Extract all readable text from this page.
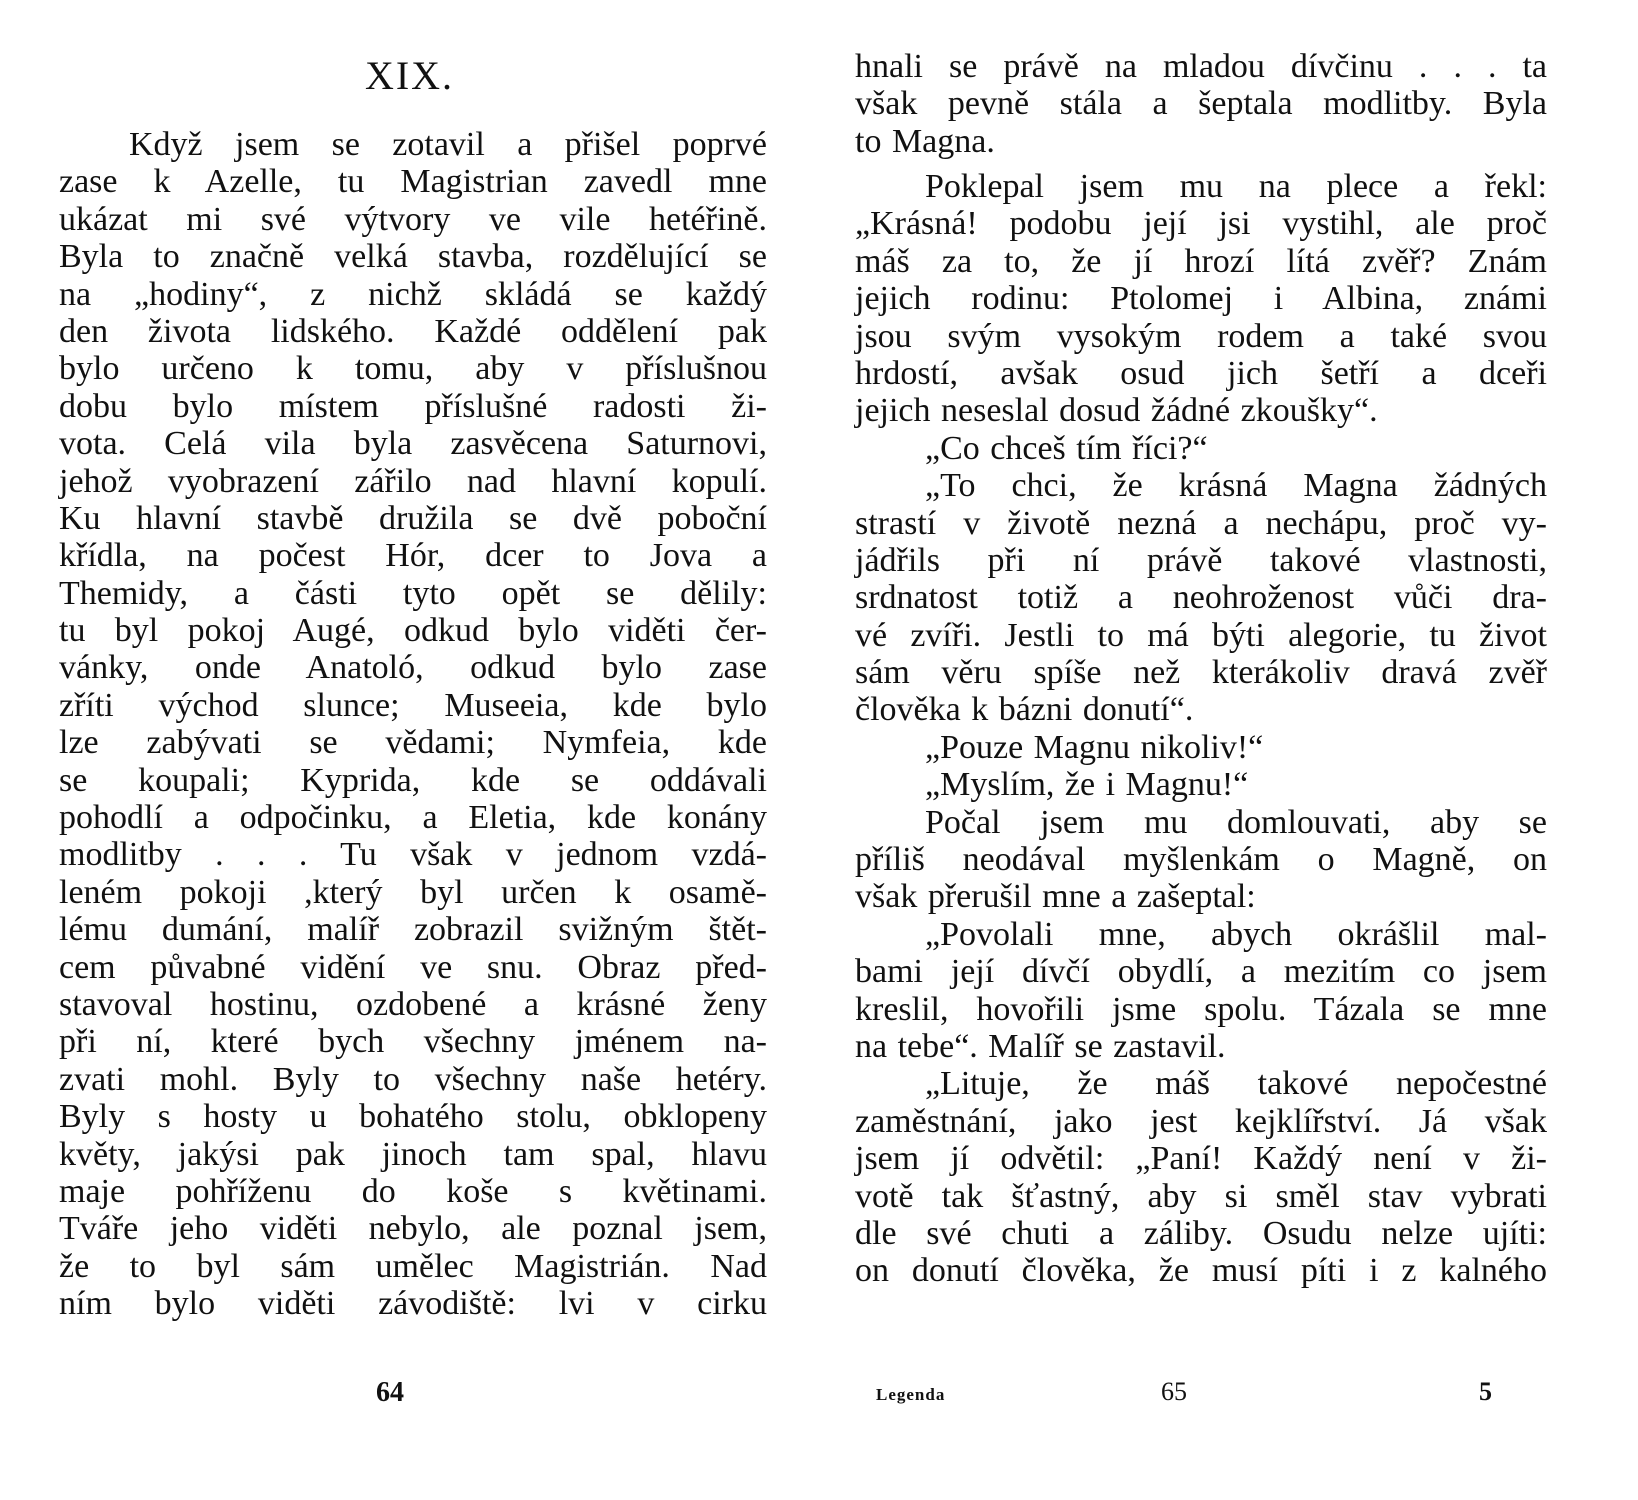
XIX.
Když jsem se zotavil a přišel poprvé
zase k Azelle, tu Magistrian zavedl mne
ukázat mi své výtvory ve vile hetéřině.
Byla to značně velká stavba, rozdělující se
na „hodiny“, z nichž skládá se každý
den života lidského. Každé oddělení pak
bylo určeno k tomu, aby v příslušnou
dobu bylo místem příslušné radosti ži-
vota. Celá vila byla zasvěcena Saturnovi,
jehož vyobrazení zářilo nad hlavní kopulí.
Ku hlavní stavbě družila se dvě poboční
křídla, na počest Hór, dcer to Jova a
Themidy, a části tyto opět se dělily:
tu byl pokoj Augé, odkud bylo viděti čer-
vánky, onde Anatoló, odkud bylo zase
zříti východ slunce; Museeia, kde bylo
lze zabývati se vědami; Nymfeia, kde
se koupali; Kyprida, kde se oddávali
pohodlí a odpočinku, a Eletia, kde konány
modlitby . . . Tu však v jednom vzdá-
leném pokoji ,který byl určen k osamě-
lému dumání, malíř zobrazil svižným štět-
cem půvabné vidění ve snu. Obraz před-
stavoval hostinu, ozdobené a krásné ženy
při ní, které bych všechny jménem na-
zvati mohl. Byly to všechny naše hetéry.
Byly s hosty u bohatého stolu, obklopeny
květy, jakýsi pak jinoch tam spal, hlavu
maje pohříženu do koše s květinami.
Tváře jeho viděti nebylo, ale poznal jsem,
že to byl sám umělec Magistrián. Nad
ním bylo viděti závodiště: lvi v cirku
64
hnali se právě na mladou dívčinu . . . ta
však pevně stála a šeptala modlitby. Byla
to Magna.
Poklepal jsem mu na plece a řekl:
„Krásná! podobu její jsi vystihl, ale proč
máš za to, že jí hrozí lítá zvěř? Znám
jejich rodinu: Ptolomej i Albina, známi
jsou svým vysokým rodem a také svou
hrdostí, avšak osud jich šetří a dceři
jejich neseslal dosud žádné zkoušky“.
„Co chceš tím říci?“
„To chci, že krásná Magna žádných
strastí v životě nezná a nechápu, proč vy-
jádřils při ní právě takové vlastnosti,
srdnatost totiž a neohroženost vůči dra-
vé zvíři. Jestli to má býti alegorie, tu život
sám věru spíše než kterákoliv dravá zvěř
člověka k bázni donutí“.
„Pouze Magnu nikoliv!“
„Myslím, že i Magnu!“
Počal jsem mu domlouvati, aby se
příliš neodával myšlenkám o Magně, on
však přerušil mne a zašeptal:
„Povolali mne, abych okrášlil mal-
bami její dívčí obydlí, a mezitím co jsem
kreslil, hovořili jsme spolu. Tázala se mne
na tebe“. Malíř se zastavil.
„Lituje, že máš takové nepočestné
zaměstnání, jako jest kejklířství. Já však
jsem jí odvětil: „Paní! Každý není v ži-
votě tak šťastný, aby si směl stav vybrati
dle své chuti a záliby. Osudu nelze ujíti:
on donutí člověka, že musí píti i z kalného
Legenda	65	5
